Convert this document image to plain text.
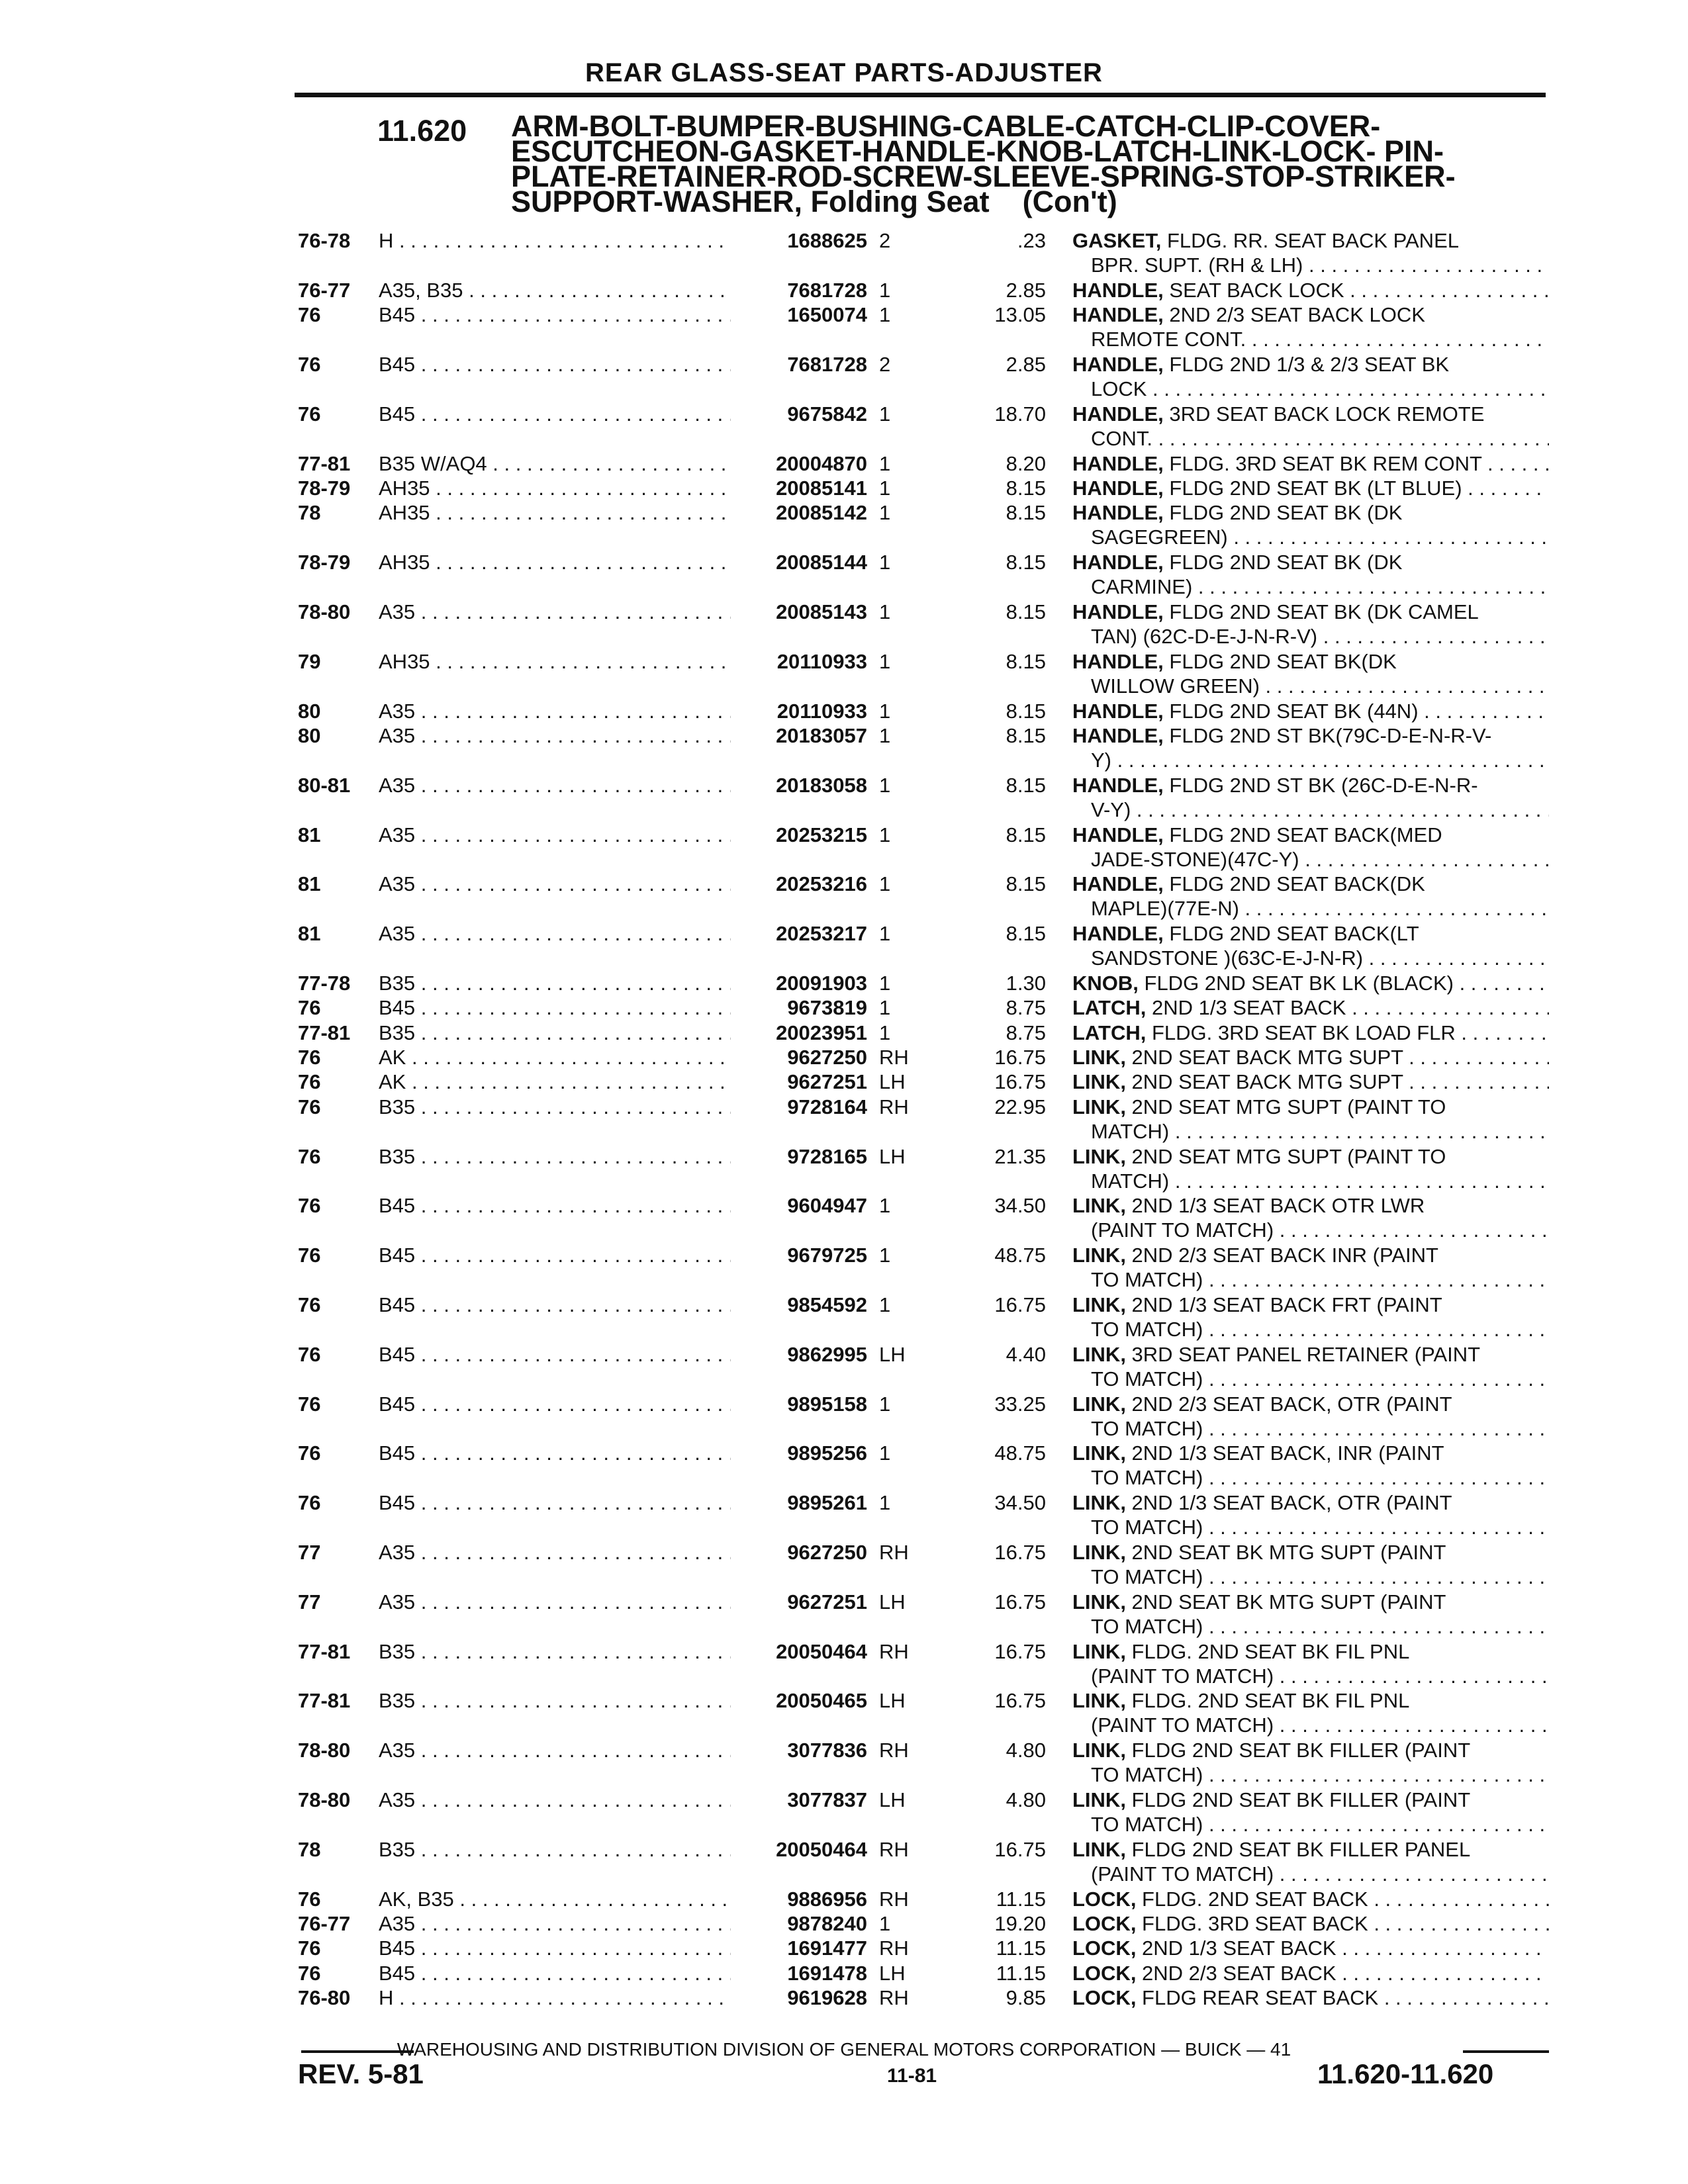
REAR GLASS-SEAT PARTS-ADJUSTER
11.620 ARM-BOLT-BUMPER-BUSHING-CABLE-CATCH-CLIP-COVER-
ESCUTCHEON-GASKET-HANDLE-KNOB-LATCH-LINK-LOCK- PIN-
PLATE-RETAINER-ROD-SCREW-SLEEVE-SPRING-STOP-STRIKER-
SUPPORT-WASHER, Folding Seat (Con't)
76-78 H . . .	1688625 2	.23 GASKET, FLDG. RR. SEAT BACK PANEL
BPR. SUPT. (RH & LH) . . .
76-77 A35, B35 . . .	7681728 1	2.85 HANDLE, SEAT BACK LOCK . . .
76	B45 . . .	1650074 1	13.05 HANDLE, 2ND 2/3 SEAT BACK LOCK
REMOTE CONT. . . .
76	B45 . . .	7681728 2	2.85 HANDLE, FLDG 2ND 1/3 & 2/3 SEAT BK
LOCK . . .
76	B45 . . .	9675842 1	18.70 HANDLE, 3RD SEAT BACK LOCK REMOTE
CONT. . . .
77-81 B35 W/AQ4 . . .	20004870 1	8.20 HANDLE, FLDG. 3RD SEAT BK REM CONT . . .
78-79 AH35 . . .	20085141 1	8.15 HANDLE, FLDG 2ND SEAT BK (LT BLUE) . . .
78	AH35 . . .	20085142 1	8.15 HANDLE, FLDG 2ND SEAT BK (DK
SAGEGREEN) . . .
78-79 AH35 . . .	20085144 1	8.15 HANDLE, FLDG 2ND SEAT BK (DK
CARMINE) . . .
78-80 A35 . . .	20085143 1	8.15 HANDLE, FLDG 2ND SEAT BK (DK CAMEL
TAN) (62C-D-E-J-N-R-V) . . .
79	AH35 . . .	20110933 1	8.15 HANDLE, FLDG 2ND SEAT BK(DK
WILLOW GREEN) . . .
80	A35 . . .	20110933 1	8.15 HANDLE, FLDG 2ND SEAT BK (44N) . . .
80	A35 . . .	20183057 1	8.15 HANDLE, FLDG 2ND ST BK(79C-D-E-N-R-V-
Y) . . .
80-81 A35 . . .	20183058 1	8.15 HANDLE, FLDG 2ND ST BK (26C-D-E-N-R-
V-Y) . . .
81	A35 . . .	20253215 1	8.15 HANDLE, FLDG 2ND SEAT BACK(MED
JADE-STONE)(47C-Y) . . .
81	A35 . . .	20253216 1	8.15 HANDLE, FLDG 2ND SEAT BACK(DK
MAPLE)(77E-N) . . .
81	A35 . . .	20253217 1	8.15 HANDLE, FLDG 2ND SEAT BACK(LT
SANDSTONE )(63C-E-J-N-R) . . .
77-78 B35 . . .	20091903 1	1.30 KNOB, FLDG 2ND SEAT BK LK (BLACK) . . .
76	B45 . . .	9673819 1	8.75 LATCH, 2ND 1/3 SEAT BACK . . .
77-81 B35 . . .	20023951 1	8.75 LATCH, FLDG. 3RD SEAT BK LOAD FLR . . .
76	AK . . .	9627250 RH	16.75 LINK, 2ND SEAT BACK MTG SUPT . . .
76	AK . . .	9627251 LH	16.75 LINK, 2ND SEAT BACK MTG SUPT . . .
76	B35 . . .	9728164 RH	22.95 LINK, 2ND SEAT MTG SUPT (PAINT TO
MATCH) . . .
76	B35 . . .	9728165 LH	21.35 LINK, 2ND SEAT MTG SUPT (PAINT TO
MATCH) . . .
76	B45 . . .	9604947 1	34.50 LINK, 2ND 1/3 SEAT BACK OTR LWR
(PAINT TO MATCH) . . .
76	B45 . . .	9679725 1	48.75 LINK, 2ND 2/3 SEAT BACK INR (PAINT
TO MATCH) . . .
76	B45 . . .	9854592 1	16.75 LINK, 2ND 1/3 SEAT BACK FRT (PAINT
TO MATCH) . . .
76	B45 . . .	9862995 LH	4.40 LINK, 3RD SEAT PANEL RETAINER (PAINT
TO MATCH) . . .
76	B45 . . .	9895158 1	33.25 LINK, 2ND 2/3 SEAT BACK, OTR (PAINT
TO MATCH) . . .
76	B45 . . .	9895256 1	48.75 LINK, 2ND 1/3 SEAT BACK, INR (PAINT
TO MATCH) . . .
76	B45 . . .	9895261 1	34.50 LINK, 2ND 1/3 SEAT BACK, OTR (PAINT
TO MATCH) . . .
77	A35 . . .	9627250 RH	16.75 LINK, 2ND SEAT BK MTG SUPT (PAINT
TO MATCH) . . .
77	A35 . . .	9627251 LH	16.75 LINK, 2ND SEAT BK MTG SUPT (PAINT
TO MATCH) . . .
77-81 B35 . . .	20050464 RH	16.75 LINK, FLDG. 2ND SEAT BK FIL PNL
(PAINT TO MATCH) . . .
77-81 B35 . . .	20050465 LH	16.75 LINK, FLDG. 2ND SEAT BK FIL PNL
(PAINT TO MATCH) . . .
78-80 A35 . . .	3077836 RH	4.80 LINK, FLDG 2ND SEAT BK FILLER (PAINT
TO MATCH) . . .
78-80 A35 . . .	3077837 LH	4.80 LINK, FLDG 2ND SEAT BK FILLER (PAINT
TO MATCH) . . .
78	B35 . . .	20050464 RH	16.75 LINK, FLDG 2ND SEAT BK FILLER PANEL
(PAINT TO MATCH) . . .
76	AK, B35 . . .	9886956 RH	11.15 LOCK, FLDG. 2ND SEAT BACK . . .
76-77 A35 . . .	9878240 1	19.20 LOCK, FLDG. 3RD SEAT BACK . . .
76	B45 . . .	1691477 RH	11.15 LOCK, 2ND 1/3 SEAT BACK . . .
76	B45 . . .	1691478 LH	11.15 LOCK, 2ND 2/3 SEAT BACK . . .
76-80 H . . .	9619628 RH	9.85 LOCK, FLDG REAR SEAT BACK . . .
WAREHOUSING AND DISTRIBUTION DIVISION OF GENERAL MOTORS CORPORATION — BUICK — 41
REV. 5-81	11-81	11.620-11.620
